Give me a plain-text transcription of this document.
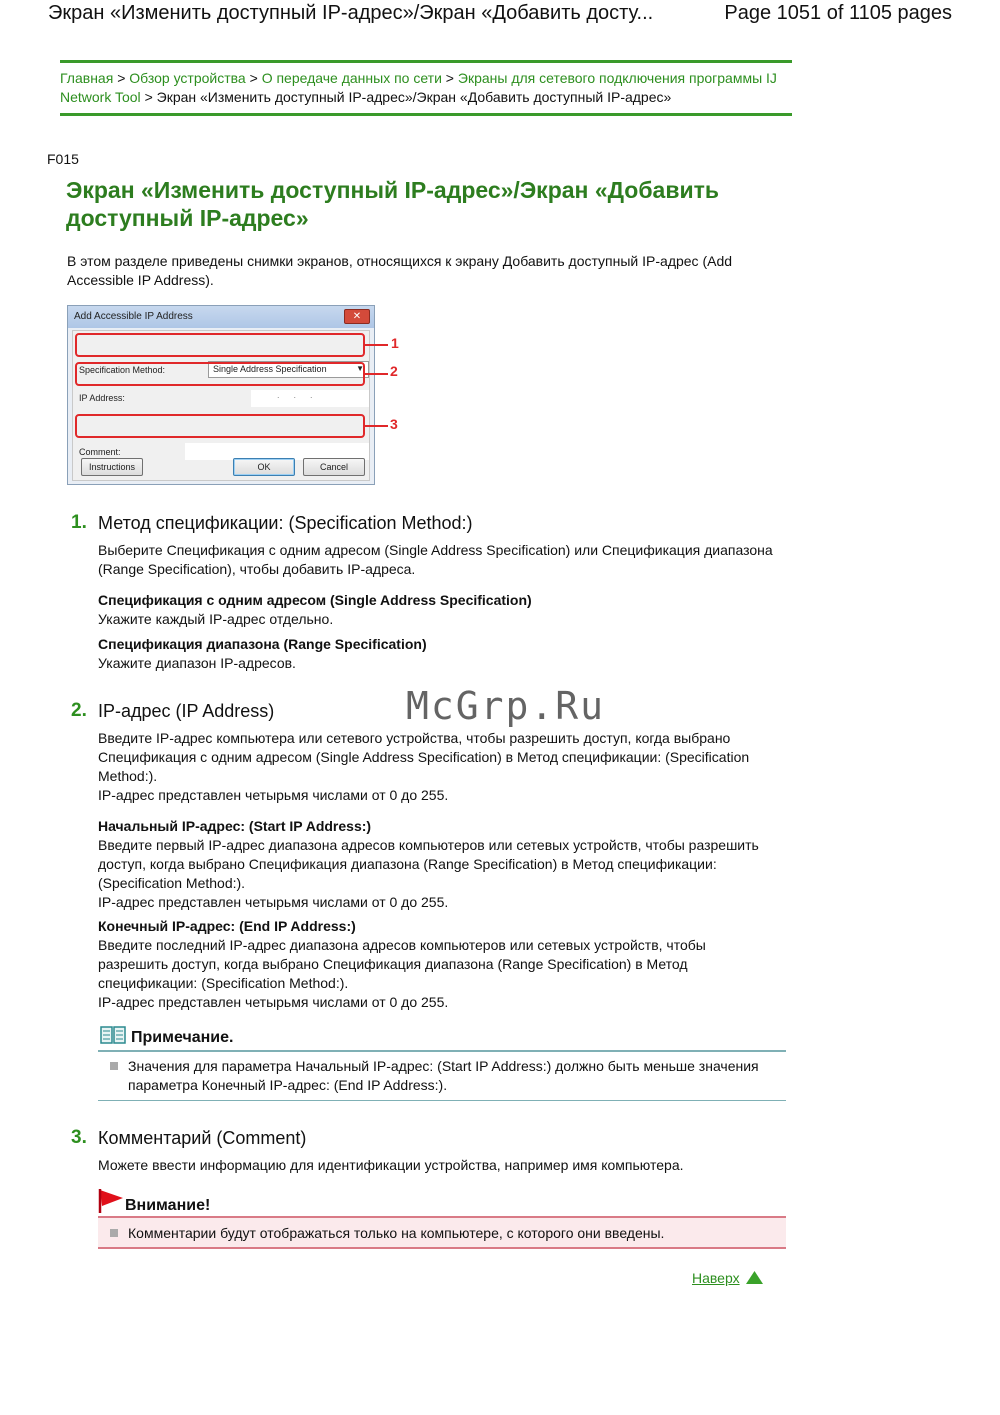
Экран «Изменить доступный IP-адрес»/Экран «Добавить досту...	Page 1051 of 1105 pages
Главная > Обзор устройства > О передаче данных по сети > Экраны для сетевого подключения программы IJ Network Tool > Экран «Изменить доступный IP-адрес»/Экран «Добавить доступный IP-адрес»
F015
Экран «Изменить доступный IP-адрес»/Экран «Добавить доступный IP-адрес»
В этом разделе приведены снимки экранов, относящихся к экрану Добавить доступный IP-адрес (Add Accessible IP Address).
Add Accessible IP Address	✕
Specification Method:	Single Address Specification	▼
IP Address:	...
Comment:
Instructions	OK	Cancel
1
2
3
1. Метод спецификации: (Specification Method:)
Выберите Спецификация с одним адресом (Single Address Specification) или Спецификация диапазона (Range Specification), чтобы добавить IP-адреса.
Спецификация с одним адресом (Single Address Specification)
Укажите каждый IP-адрес отдельно.
Спецификация диапазона (Range Specification)
Укажите диапазон IP-адресов.
McGrp.Ru
2. IP-адрес (IP Address)
Введите IP-адрес компьютера или сетевого устройства, чтобы разрешить доступ, когда выбрано Спецификация с одним адресом (Single Address Specification) в Метод спецификации: (Specification Method:).
IP-адрес представлен четырьмя числами от 0 до 255.
Начальный IP-адрес: (Start IP Address:)
Введите первый IP-адрес диапазона адресов компьютеров или сетевых устройств, чтобы разрешить доступ, когда выбрано Спецификация диапазона (Range Specification) в Метод спецификации: (Specification Method:).
IP-адрес представлен четырьмя числами от 0 до 255.
Конечный IP-адрес: (End IP Address:)
Введите последний IP-адрес диапазона адресов компьютеров или сетевых устройств, чтобы разрешить доступ, когда выбрано Спецификация диапазона (Range Specification) в Метод спецификации: (Specification Method:).
IP-адрес представлен четырьмя числами от 0 до 255.
Примечание.
Значения для параметра Начальный IP-адрес: (Start IP Address:) должно быть меньше значения параметра Конечный IP-адрес: (End IP Address:).
3. Комментарий (Comment)
Можете ввести информацию для идентификации устройства, например имя компьютера.
Внимание!
Комментарии будут отображаться только на компьютере, с которого они введены.
Наверх
